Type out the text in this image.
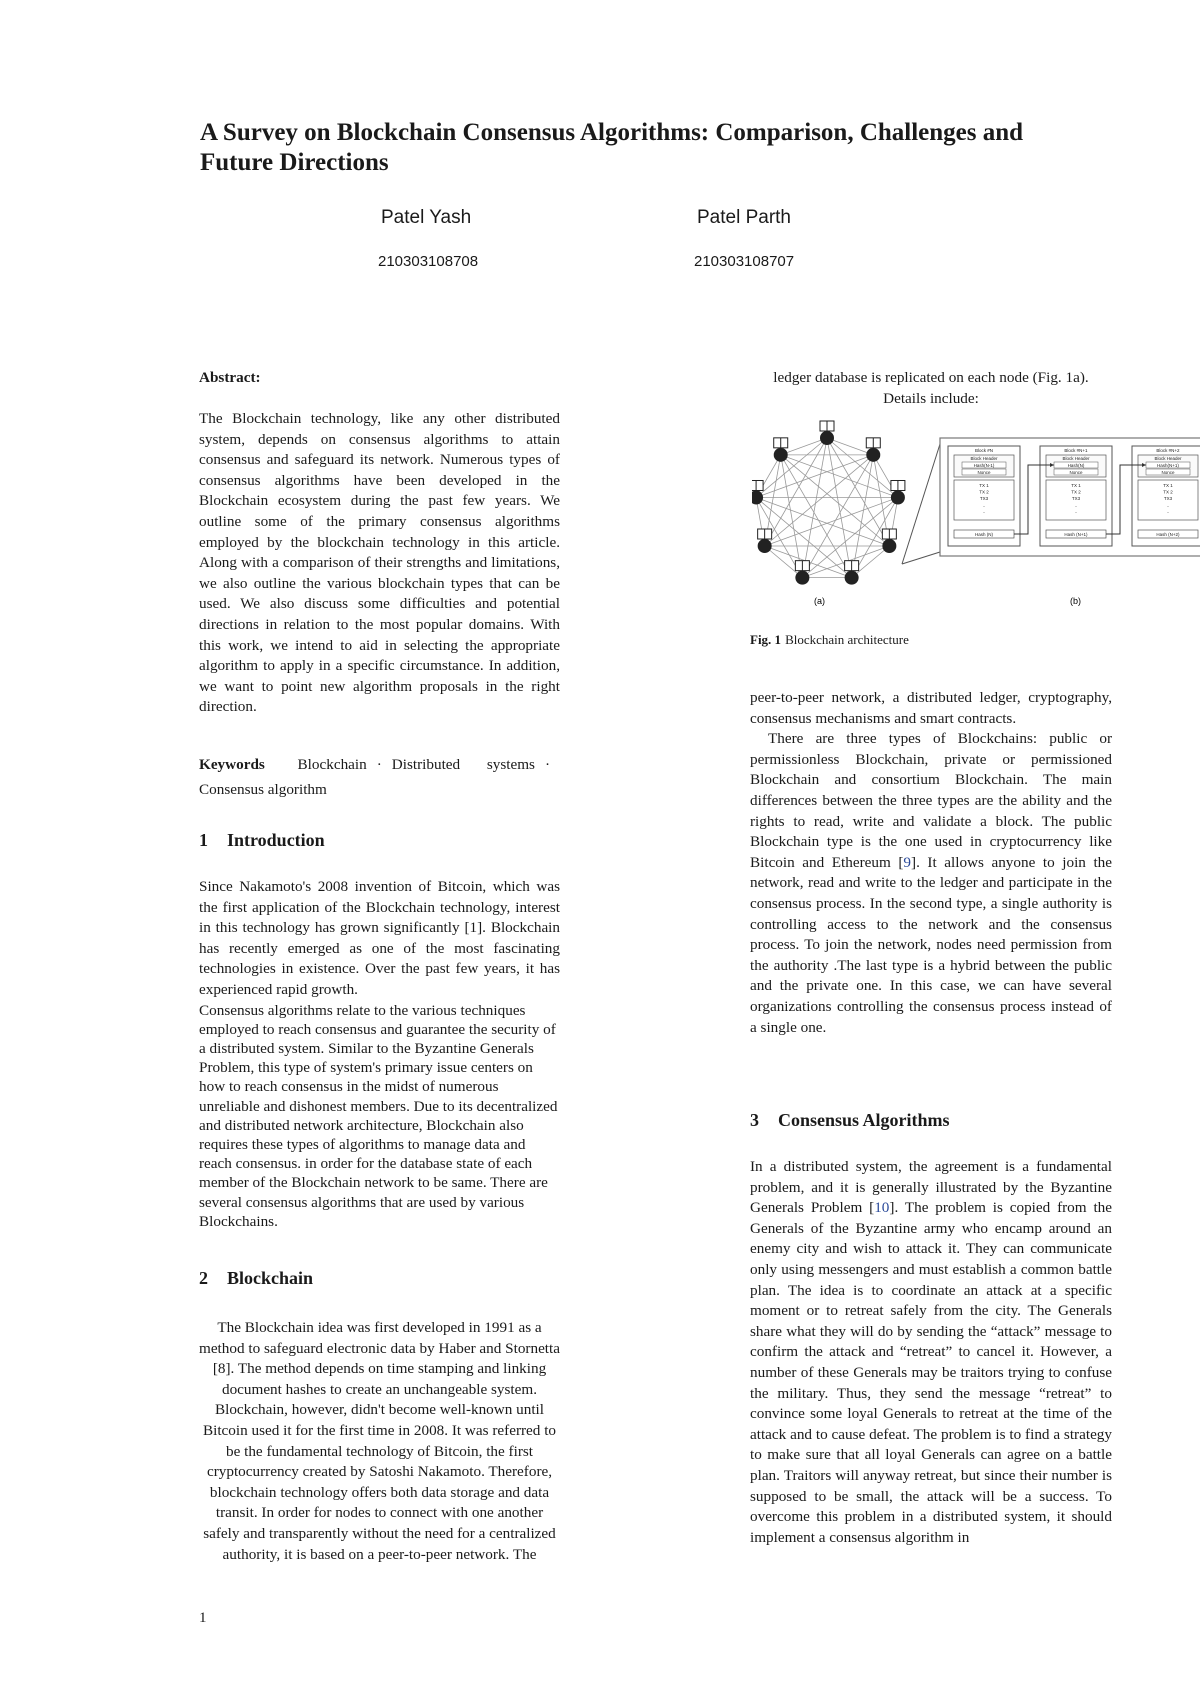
A Survey on Blockchain Consensus Algorithms: Comparison, Challenges and Future Directions
Patel Yash
210303108708
Patel Parth
210303108707
Abstract:
The Blockchain technology, like any other distributed system, depends on consensus algorithms to attain consensus and safeguard its network. Numerous types of consensus algorithms have been developed in the Blockchain ecosystem during the past few years. We outline some of the primary consensus algorithms employed by the blockchain technology in this article. Along with a comparison of their strengths and limitations, we also outline the various blockchain types that can be used. We also discuss some difficulties and potential directions in relation to the most popular domains. With this work, we intend to aid in selecting the appropriate algorithm to apply in a specific circumstance. In addition, we want to point new algorithm proposals in the right direction.
Keywords Blockchain · Distributed systems ·Consensus algorithm
1 Introduction

Since Nakamoto's 2008 invention of Bitcoin, which was the first application of the Blockchain technology, interest in this technology has grown significantly [1]. Blockchain has recently emerged as one of the most fascinating technologies in existence. Over the past few years, it has experienced rapid growth.

Consensus algorithms relate to the various techniques employed to reach consensus and guarantee the security of a distributed system. Similar to the Byzantine Generals Problem, this type of system's primary issue centers on how to reach consensus in the midst of numerous unreliable and dishonest members. Due to its decentralized and distributed network architecture, Blockchain also requires these types of algorithms to manage data and reach consensus. in order for the database state of each member of the Blockchain network to be same. There are several consensus algorithms that are used by various Blockchains.

2 Blockchain

The Blockchain idea was first developed in 1991 as a method to safeguard electronic data by Haber and Stornetta [8]. The method depends on time stamping and linking document hashes to create an unchangeable system. Blockchain, however, didn't become well-known until Bitcoin used it for the first time in 2008. It was referred to be the fundamental technology of Bitcoin, the first cryptocurrency created by Satoshi Nakamoto. Therefore, blockchain technology offers both data storage and data transit. In order for nodes to connect with one another safely and transparently without the need for a centralized authority, it is based on a peer-to-peer network. The

1
ledger database is replicated on each node (Fig. 1a). Details include:
Block #N
Block Header
Hash(N-1)
Nonce
TX 1
TX 2
TX3
..
..
Hash (N)
Block #N+1
Block Header
Hash(N)
Nonce
TX 1
TX 2
TX3
..
..
Hash (N+1)
Block #N+2
Block Header
Hash(N+1)
Nonce
TX 1
TX 2
TX3
..
..
Hash (N+2)
(a)	(b)
Fig. 1 Blockchain architecture

peer-to-peer network, a distributed ledger, cryptography, consensus mechanisms and smart contracts.

There are three types of Blockchains: public or permissionless Blockchain, private or permissioned Blockchain and consortium Blockchain. The main differences between the three types are the ability and the rights to read, write and validate a block. The public Blockchain type is the one used in cryptocurrency like Bitcoin and Ethereum [9]. It allows anyone to join the network, read and write to the ledger and participate in the consensus process. In the second type, a single authority is controlling access to the network and the consensus process. To join the network, nodes need permission from the authority .The last type is a hybrid between the public and the private one. In this case, we can have several organizations controlling the consensus process instead of a single one.

3 Consensus Algorithms

In a distributed system, the agreement is a fundamental problem, and it is generally illustrated by the Byzantine Generals Problem [10]. The problem is copied from the Generals of the Byzantine army who encamp around an enemy city and wish to attack it. They can communicate only using messengers and must establish a common battle plan. The idea is to coordinate an attack at a specific moment or to retreat safely from the city. The Generals share what they will do by sending the “attack” message to confirm the attack and “retreat” to cancel it. However, a number of these Generals may be traitors trying to confuse the military. Thus, they send the message “retreat” to convince some loyal Generals to retreat at the time of the attack and to cause defeat. The problem is to find a strategy to make sure that all loyal Generals can agree on a battle plan. Traitors will anyway retreat, but since their number is supposed to be small, the attack will be a success. To overcome this problem in a distributed system, it should implement a consensus algorithm in
